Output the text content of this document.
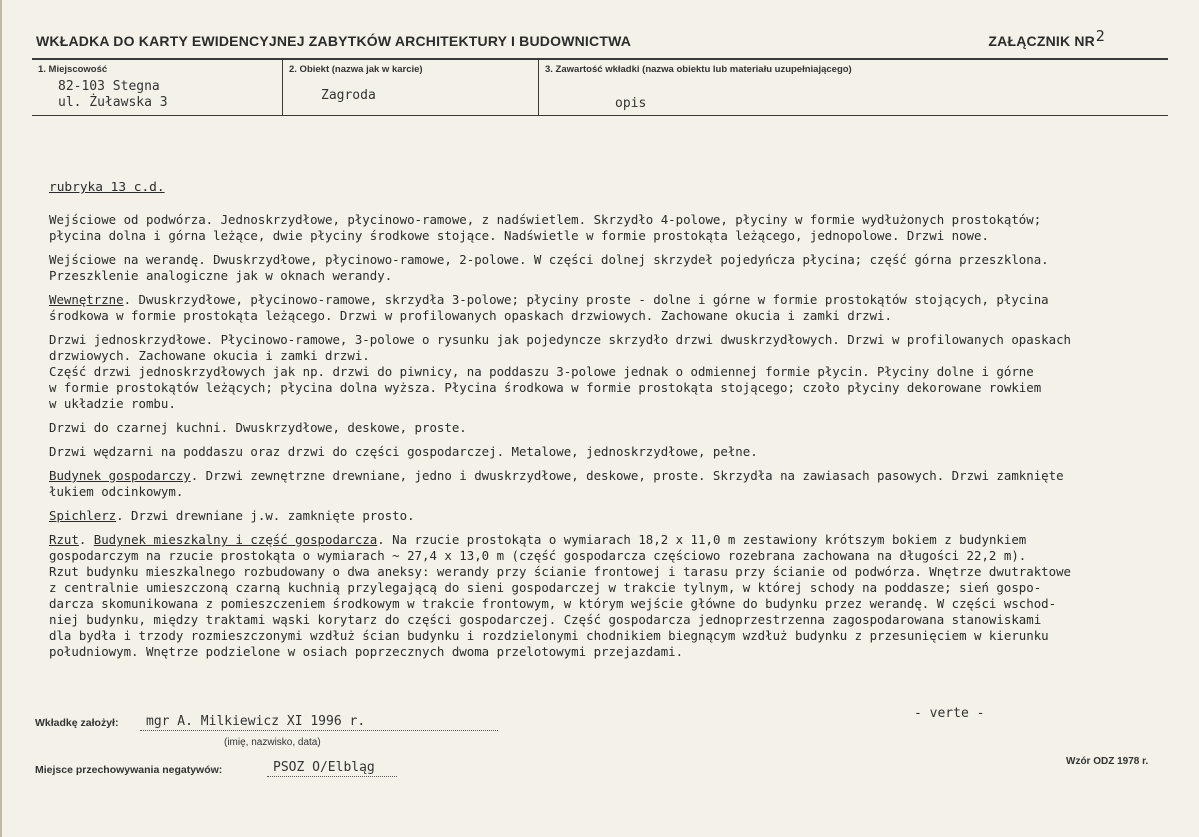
WKŁADKA DO KARTY EWIDENCYJNEJ ZABYTKÓW ARCHITEKTURY I BUDOWNICTWA	ZAŁĄCZNIK NR 2
1. Miejscowość
82-103 Stegna
ul. Żuławska 3
2. Obiekt (nazwa jak w karcie)
Zagroda
3. Zawartość wkładki (nazwa obiektu lub materiału uzupełniającego)
opis

rubryka 13 c.d.

Wejściowe od podwórza. Jednoskrzydłowe, płycinowo-ramowe, z nadświetlem. Skrzydło 4-polowe, płyciny w formie wydłużonych prostokątów;
płycina dolna i górna leżące, dwie płyciny środkowe stojące. Nadświetle w formie prostokąta leżącego, jednopolowe. Drzwi nowe.

Wejściowe na werandę. Dwuskrzydłowe, płycinowo-ramowe, 2-polowe. W części dolnej skrzydeł pojedyńcza płycina; część górna przeszklona.
Przeszklenie analogiczne jak w oknach werandy.

Wewnętrzne. Dwuskrzydłowe, płycinowo-ramowe, skrzydła 3-polowe; płyciny proste - dolne i górne w formie prostokątów stojących, płycina
środkowa w formie prostokąta leżącego. Drzwi w profilowanych opaskach drzwiowych. Zachowane okucia i zamki drzwi.

Drzwi jednoskrzydłowe. Płycinowo-ramowe, 3-polowe o rysunku jak pojedyncze skrzydło drzwi dwuskrzydłowych. Drzwi w profilowanych opaskach
drzwiowych. Zachowane okucia i zamki drzwi.

Część drzwi jednoskrzydłowych jak np. drzwi do piwnicy, na poddaszu 3-polowe jednak o odmiennej formie płycin. Płyciny dolne i górne
w formie prostokątów leżących; płycina dolna wyższa. Płycina środkowa w formie prostokąta stojącego; czoło płyciny dekorowane rowkiem
w układzie rombu.

Drzwi do czarnej kuchni. Dwuskrzydłowe, deskowe, proste.

Drzwi wędzarni na poddaszu oraz drzwi do części gospodarczej. Metalowe, jednoskrzydłowe, pełne.

Budynek gospodarczy. Drzwi zewnętrzne drewniane, jedno i dwuskrzydłowe, deskowe, proste. Skrzydła na zawiasach pasowych. Drzwi zamknięte
łukiem odcinkowym.

Spichlerz. Drzwi drewniane j.w. zamknięte prosto.

Rzut. Budynek mieszkalny i część gospodarcza. Na rzucie prostokąta o wymiarach 18,2 x 11,0 m zestawiony krótszym bokiem z budynkiem
gospodarczym na rzucie prostokąta o wymiarach ~ 27,4 x 13,0 m (część gospodarcza częściowo rozebrana zachowana na długości 22,2 m).

Rzut budynku mieszkalnego rozbudowany o dwa aneksy: werandy przy ścianie frontowej i tarasu przy ścianie od podwórza. Wnętrze dwutraktowe
z centralnie umieszczoną czarną kuchnią przylegającą do sieni gospodarczej w trakcie tylnym, w której schody na poddasze; sień gospo-
darcza skomunikowana z pomieszczeniem środkowym w trakcie frontowym, w którym wejście główne do budynku przez werandę. W części wschod-
niej budynku, między traktami wąski korytarz do części gospodarczej. Część gospodarcza jednoprzestrzenna zagospodarowana stanowiskami
dla bydła i trzody rozmieszczonymi wzdłuż ścian budynku i rozdzielonymi chodnikiem biegnącym wzdłuż budynku z przesunięciem w kierunku
południowym. Wnętrze podzielone w osiach poprzecznych dwoma przelotowymi przejazdami.

- verte -
Wkładkę założył:	mgr A. Milkiewicz XI 1996 r.
(imię, nazwisko, data)
Miejsce przechowywania negatywów:	PSOZ O/Elbląg	Wzór ODZ 1978 r.
